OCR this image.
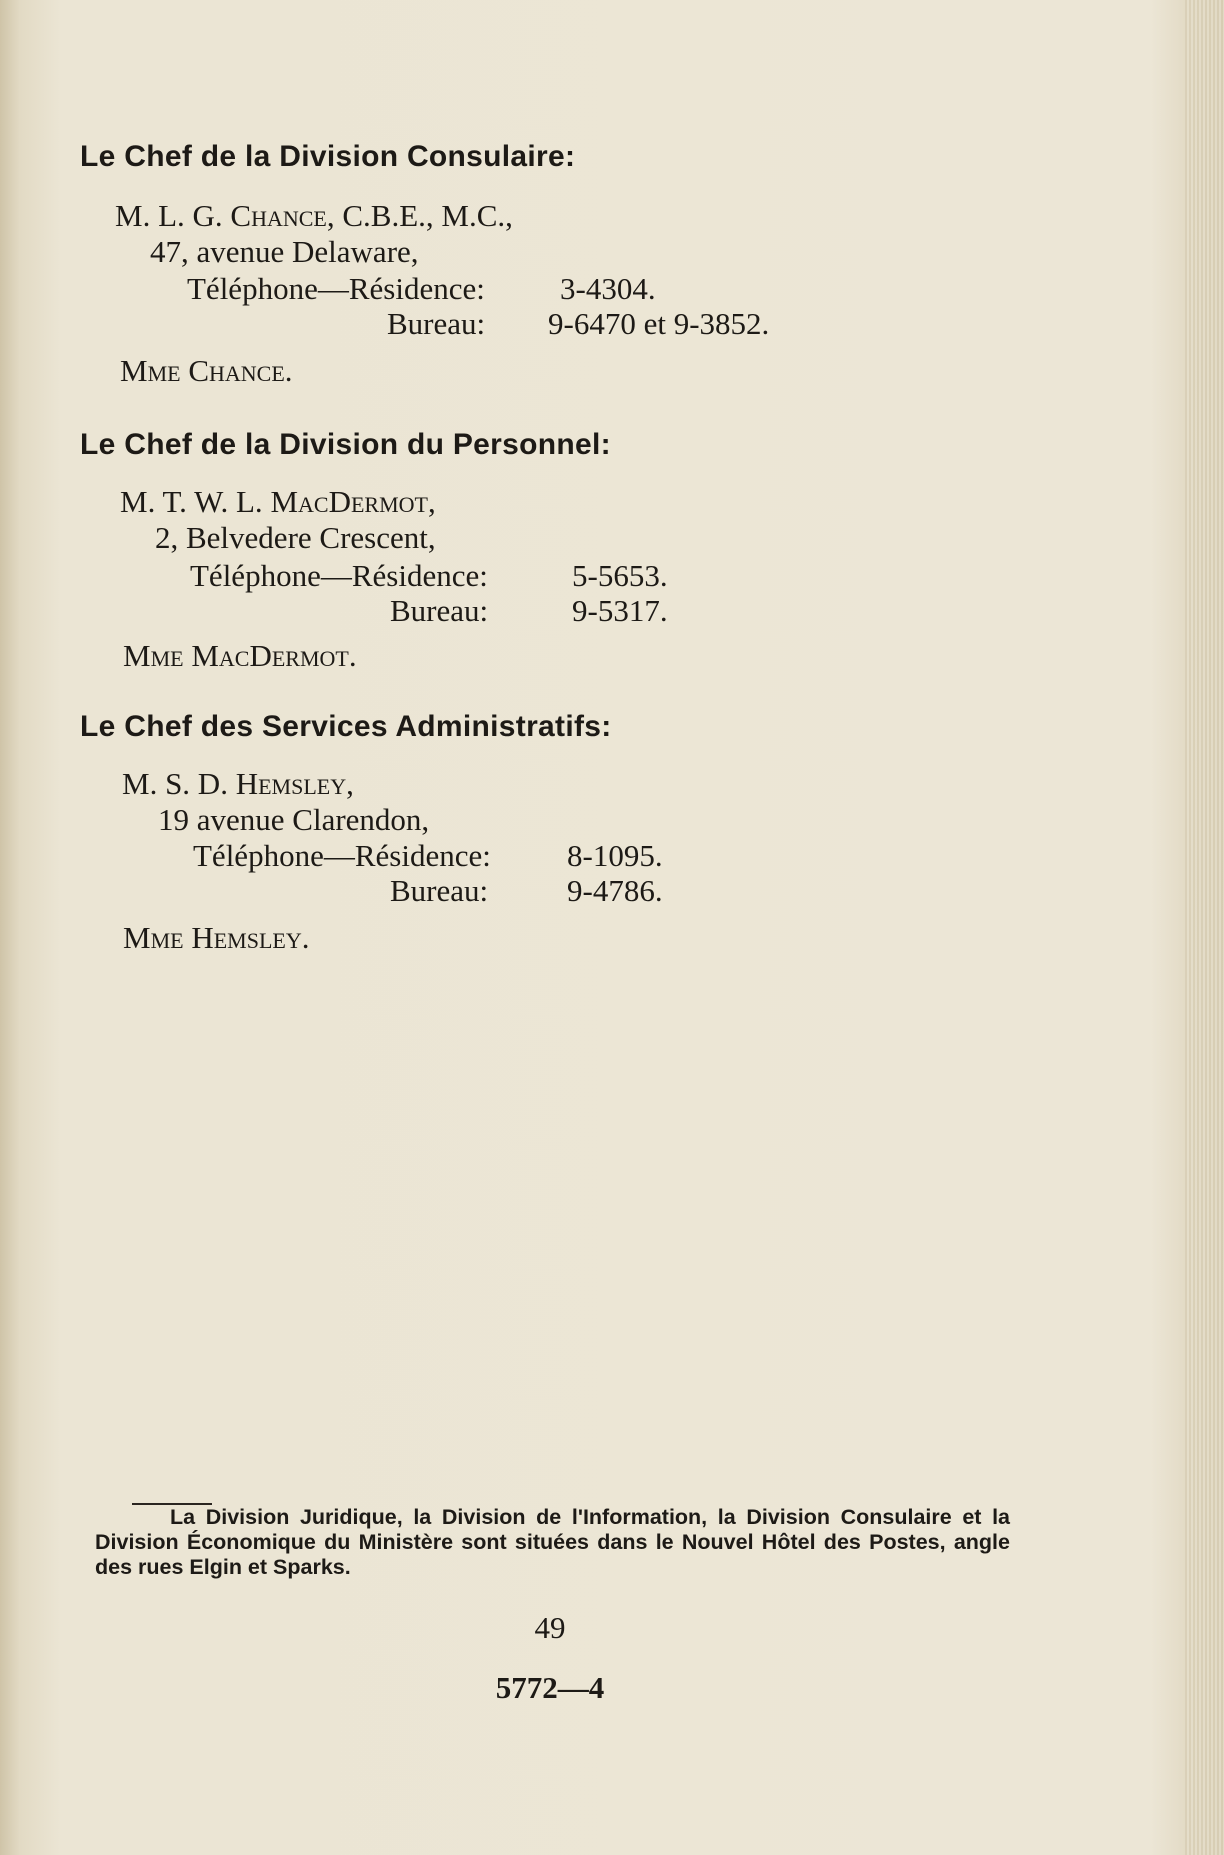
Le Chef de la Division Consulaire:
M. L. G. Chance, C.B.E., M.C.,
47, avenue Delaware,
Téléphone—Résidence: 3-4304.
Bureau: 9-6470 et 9-3852.
Mme Chance.
Le Chef de la Division du Personnel:
M. T. W. L. MacDermot,
2, Belvedere Crescent,
Téléphone—Résidence:	5-5653.
Bureau:	9-5317.
Mme MacDermot.
Le Chef des Services Administratifs:
M. S. D. Hemsley,
19 avenue Clarendon,
Téléphone—Résidence: 8-1095.
Bureau:	9-4786.
Mme Hemsley.
La Division Juridique, la Division de l'Information, la Division Consulaire et la Division Économique du Ministère sont situées dans le Nouvel Hôtel des Postes, angle des rues Elgin et Sparks.
49
5772—4
